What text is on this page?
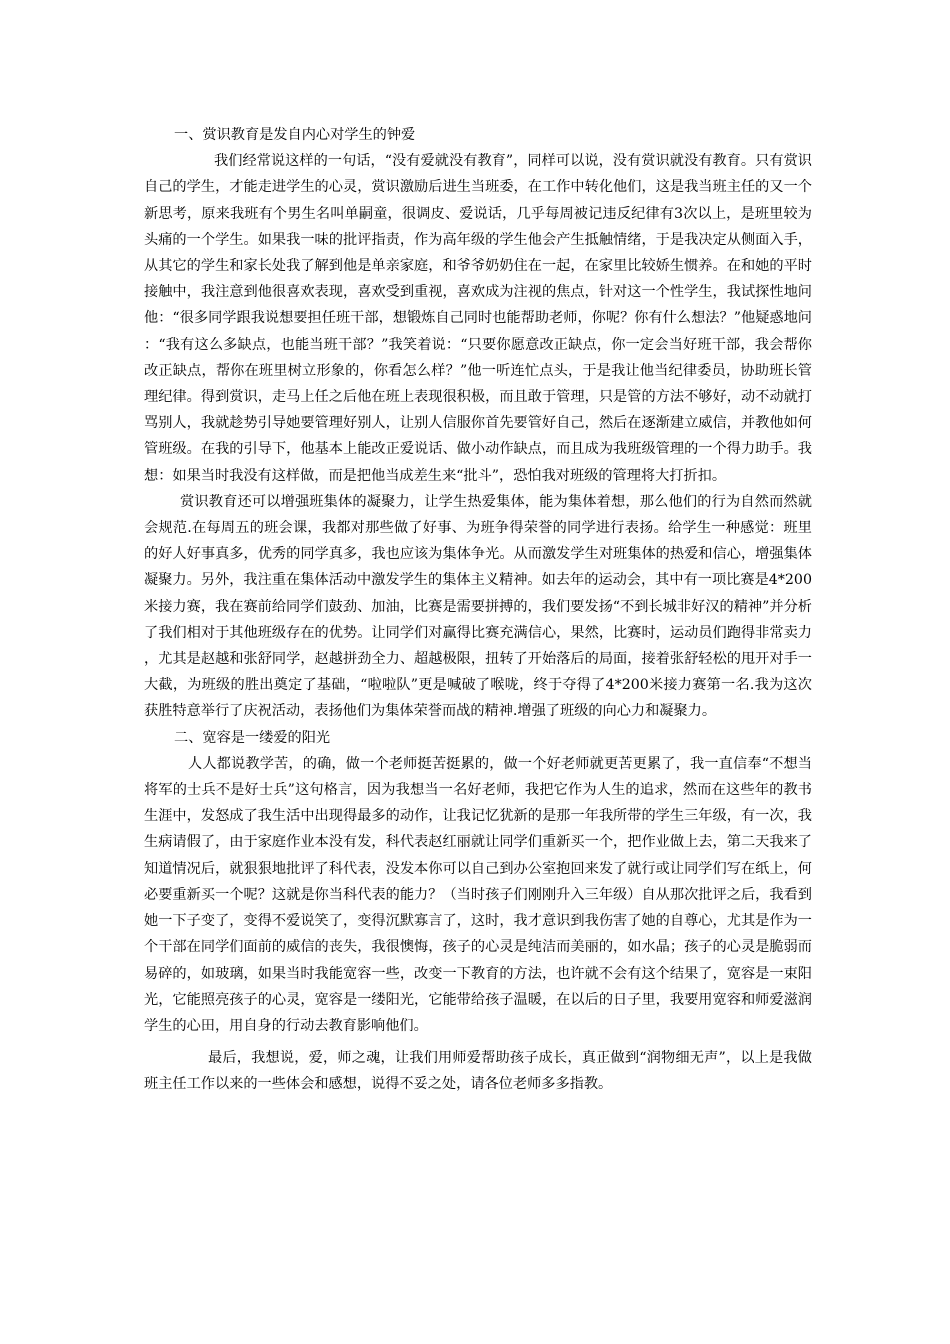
一、赏识教育是发自内心对学生的钟爱

我们经常说这样的一句话，“没有爱就没有教育”，同样可以说，没有赏识就没有教育。只有赏识自己的学生，才能走进学生的心灵，赏识激励后进生当班委，在工作中转化他们，这是我当班主任的又一个新思考，原来我班有个男生名叫单嗣童，很调皮、爱说话，几乎每周被记违反纪律有3次以上，是班里较为头痛的一个学生。如果我一味的批评指责，作为高年级的学生他会产生抵触情绪，于是我决定从侧面入手，从其它的学生和家长处我了解到他是单亲家庭，和爷爷奶奶住在一起，在家里比较娇生惯养。在和她的平时接触中，我注意到他很喜欢表现，喜欢受到重视，喜欢成为注视的焦点，针对这一个性学生，我试探性地问他：“很多同学跟我说想要担任班干部，想锻炼自己同时也能帮助老师，你呢？你有什么想法？”他疑惑地问：“我有这么多缺点，也能当班干部？”我笑着说：“只要你愿意改正缺点，你一定会当好班干部，我会帮你改正缺点，帮你在班里树立形象的，你看怎么样？”他一听连忙点头，于是我让他当纪律委员，协助班长管理纪律。得到赏识，走马上任之后他在班上表现很积极，而且敢于管理，只是管的方法不够好，动不动就打骂别人，我就趁势引导她要管理好别人，让别人信服你首先要管好自己，然后在逐渐建立威信，并教他如何管班级。在我的引导下，他基本上能改正爱说话、做小动作缺点，而且成为我班级管理的一个得力助手。我想：如果当时我没有这样做，而是把他当成差生来“批斗”，恐怕我对班级的管理将大打折扣。

赏识教育还可以增强班集体的凝聚力，让学生热爱集体，能为集体着想，那么他们的行为自然而然就会规范.在每周五的班会课，我都对那些做了好事、为班争得荣誉的同学进行表扬。给学生一种感觉：班里的好人好事真多，优秀的同学真多，我也应该为集体争光。从而激发学生对班集体的热爱和信心，增强集体凝聚力。另外，我注重在集体活动中激发学生的集体主义精神。如去年的运动会，其中有一项比赛是4*200米接力赛，我在赛前给同学们鼓劲、加油，比赛是需要拼搏的，我们要发扬“不到长城非好汉的精神”并分析了我们相对于其他班级存在的优势。让同学们对赢得比赛充满信心，果然，比赛时，运动员们跑得非常卖力，尤其是赵越和张舒同学，赵越拼劲全力、超越极限，扭转了开始落后的局面，接着张舒轻松的甩开对手一大截，为班级的胜出奠定了基础，“啦啦队”更是喊破了喉咙，终于夺得了4*200米接力赛第一名.我为这次获胜特意举行了庆祝活动，表扬他们为集体荣誉而战的精神.增强了班级的向心力和凝聚力。

二、宽容是一缕爱的阳光

人人都说教学苦，的确，做一个老师挺苦挺累的，做一个好老师就更苦更累了，我一直信奉“不想当将军的士兵不是好士兵”这句格言，因为我想当一名好老师，我把它作为人生的追求，然而在这些年的教书生涯中，发怒成了我生活中出现得最多的动作，让我记忆犹新的是那一年我所带的学生三年级，有一次，我生病请假了，由于家庭作业本没有发，科代表赵红丽就让同学们重新买一个，把作业做上去，第二天我来了知道情况后，就狠狠地批评了科代表，没发本你可以自己到办公室抱回来发了就行或让同学们写在纸上，何必要重新买一个呢？这就是你当科代表的能力？（当时孩子们刚刚升入三年级）自从那次批评之后，我看到她一下子变了，变得不爱说笑了，变得沉默寡言了，这时，我才意识到我伤害了她的自尊心，尤其是作为一个干部在同学们面前的威信的丧失，我很懊悔，孩子的心灵是纯洁而美丽的，如水晶；孩子的心灵是脆弱而易碎的，如玻璃，如果当时我能宽容一些，改变一下教育的方法，也许就不会有这个结果了，宽容是一束阳光，它能照亮孩子的心灵，宽容是一缕阳光，它能带给孩子温暖，在以后的日子里，我要用宽容和师爱滋润学生的心田，用自身的行动去教育影响他们。

最后，我想说，爱，师之魂，让我们用师爱帮助孩子成长，真正做到“润物细无声”，以上是我做班主任工作以来的一些体会和感想，说得不妥之处，请各位老师多多指教。
